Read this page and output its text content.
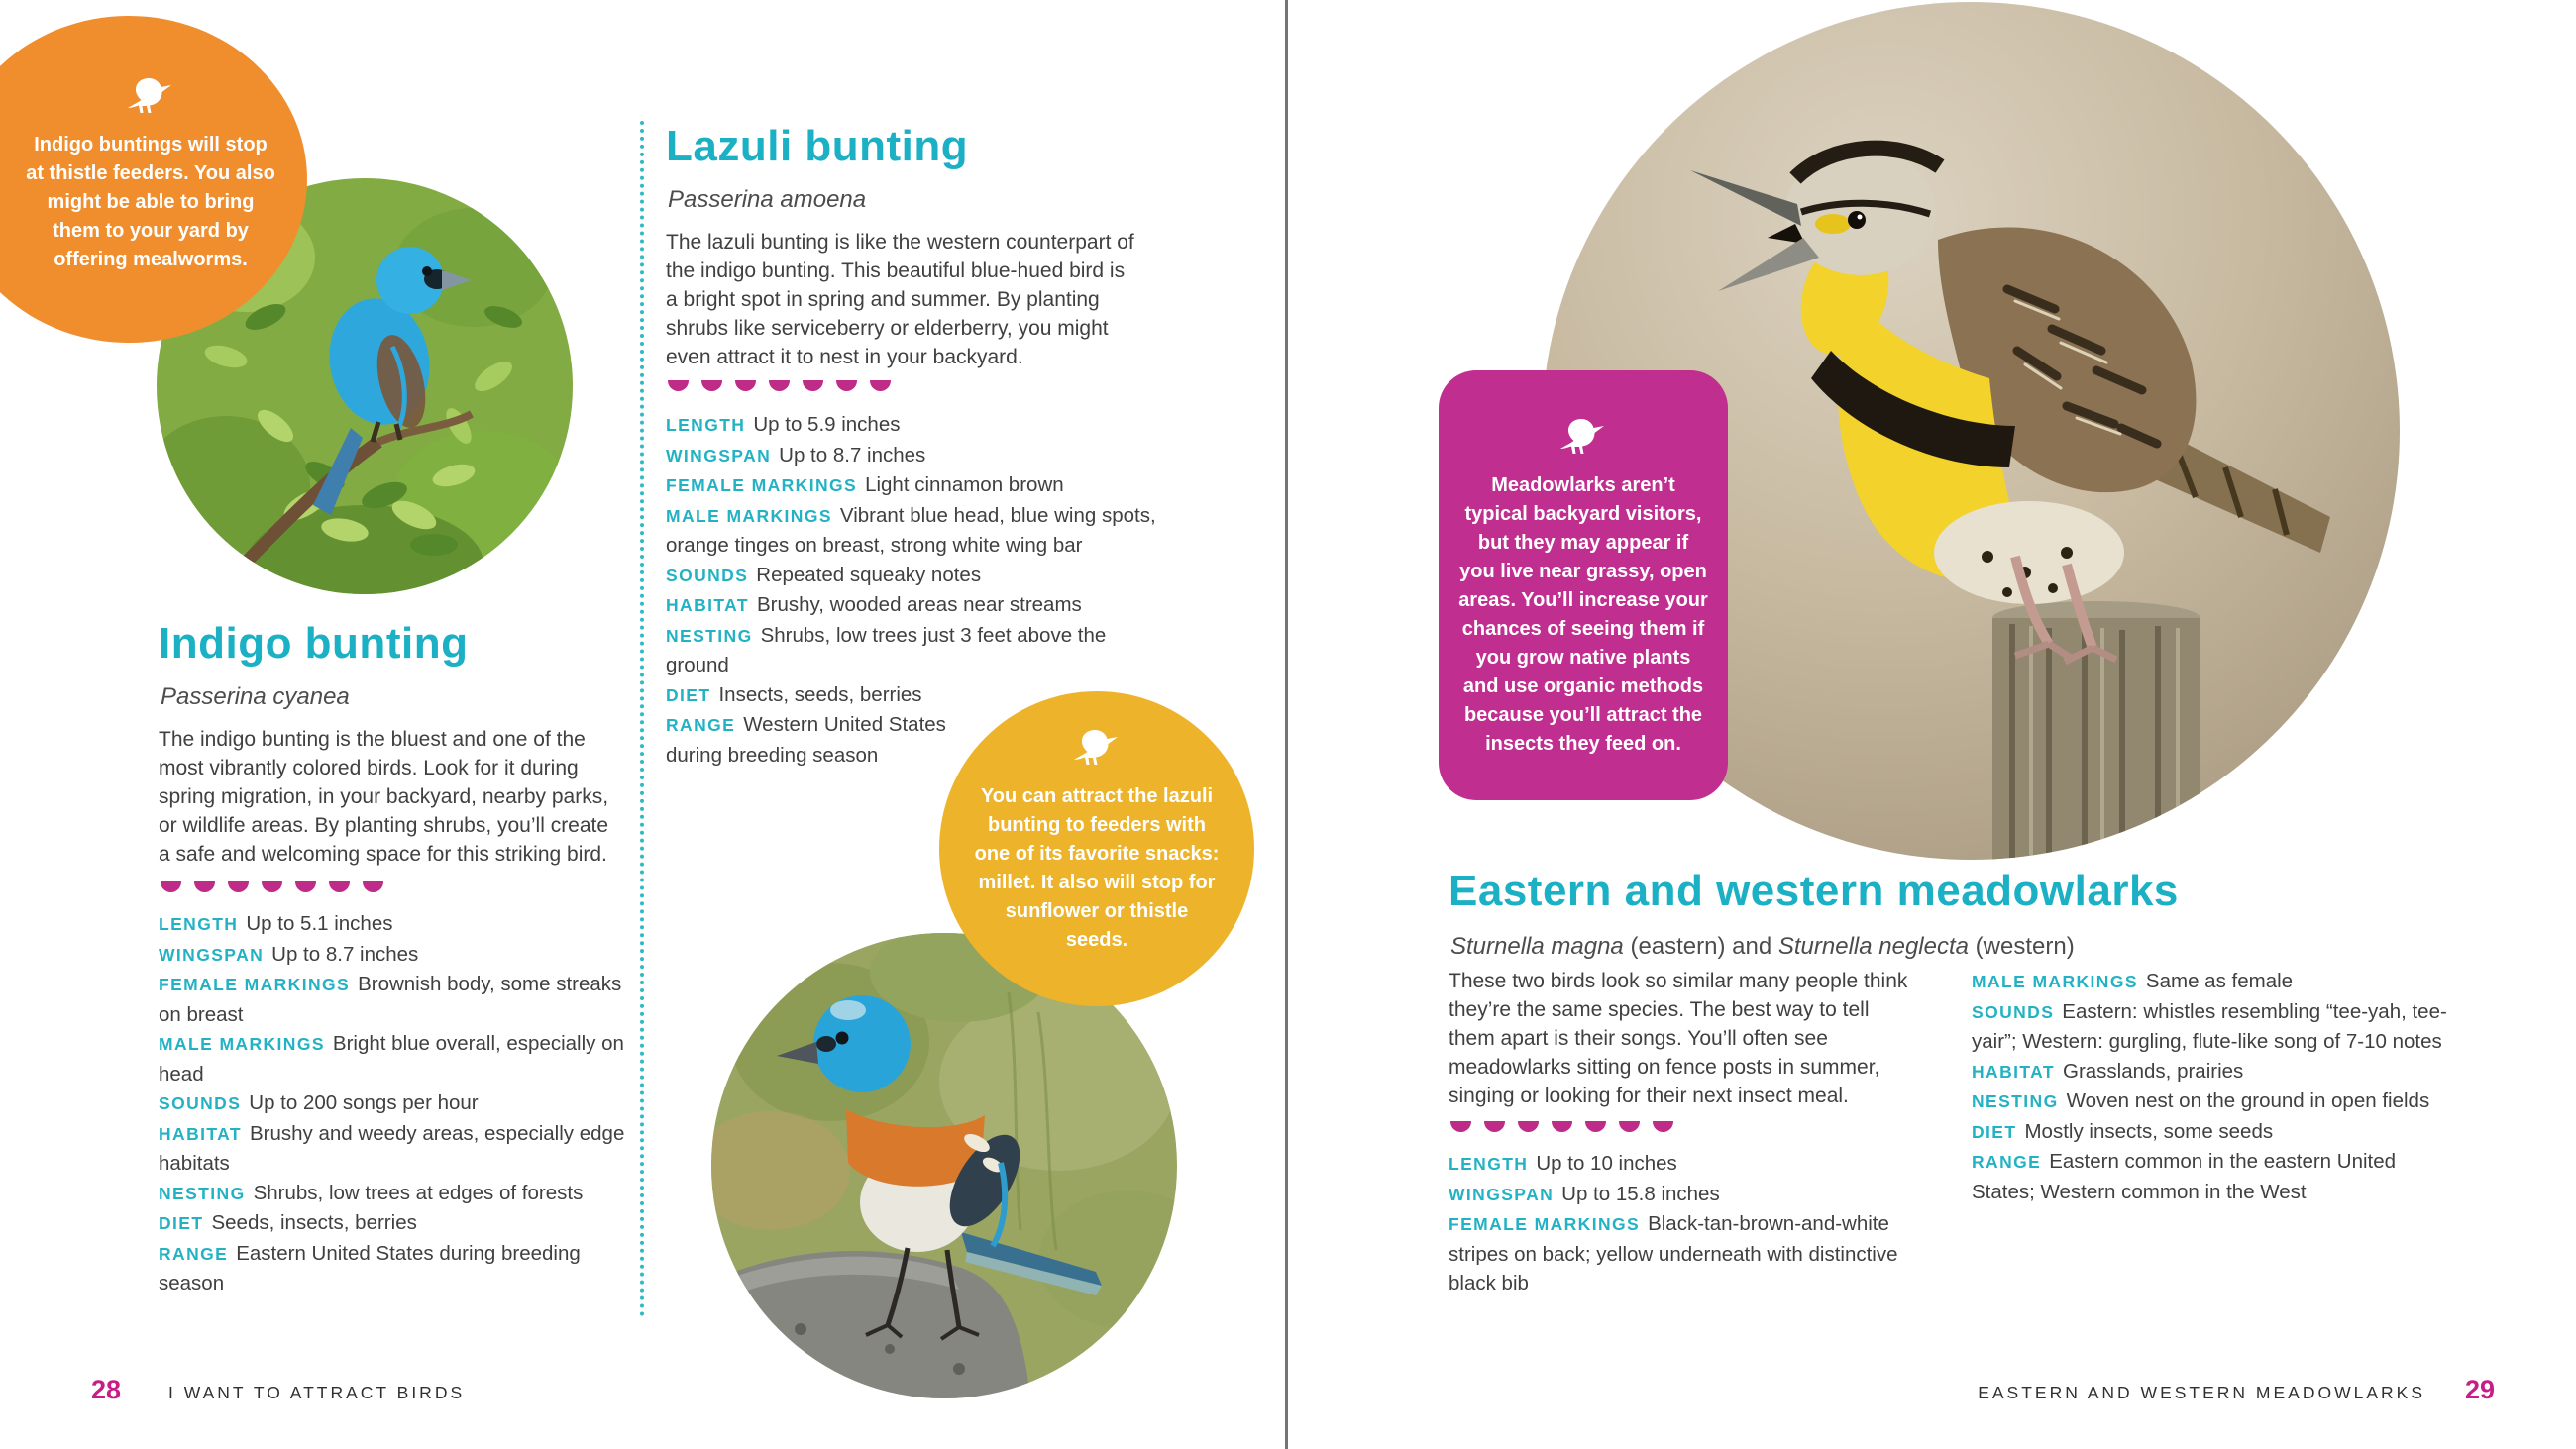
Indigo buntings will stop at thistle feeders. You also might be able to bring them to your yard by offering mealworms.
Indigo bunting

Passerina cyanea

The indigo bunting is the bluest and one of the most vibrantly colored birds. Look for it during spring migration, in your backyard, nearby parks, or wildlife areas. By planting shrubs, you’ll create a safe and welcoming space for this striking bird.

LENGTH Up to 5.1 inches

WINGSPAN Up to 8.7 inches

FEMALE MARKINGS Brownish body, some streaks on breast

MALE MARKINGS Bright blue overall, especially on head

SOUNDS Up to 200 songs per hour

HABITAT Brushy and weedy areas, especially edge habitats

NESTING Shrubs, low trees at edges of forests

DIET Seeds, insects, berries

RANGE Eastern United States during breeding season

Lazuli bunting

Passerina amoena

The lazuli bunting is like the western counterpart of the indigo bunting. This beautiful blue-hued bird is a bright spot in spring and summer. By planting shrubs like serviceberry or elderberry, you might even attract it to nest in your backyard.

LENGTH Up to 5.9 inches

WINGSPAN Up to 8.7 inches

FEMALE MARKINGS Light cinnamon brown

MALE MARKINGS Vibrant blue head, blue wing spots, orange tinges on breast, strong white wing bar

SOUNDS Repeated squeaky notes

HABITAT Brushy, wooded areas near streams

NESTING Shrubs, low trees just 3 feet above the ground

DIET Insects, seeds, berries

RANGE Western United States during breeding season

You can attract the lazuli bunting to feeders with one of its favorite snacks: millet. It also will stop for sunflower or thistle seeds.
28	I WANT TO ATTRACT BIRDS
Meadowlarks aren’t typical backyard visitors, but they may appear if you live near grassy, open areas. You’ll increase your chances of seeing them if you grow native plants and use organic methods because you’ll attract the insects they feed on.
Eastern and western meadowlarks

Sturnella magna (eastern) and Sturnella neglecta (western)

These two birds look so similar many people think they’re the same species. The best way to tell them apart is their songs. You’ll often see meadowlarks sitting on fence posts in summer, singing or looking for their next insect meal.

LENGTH Up to 10 inches

WINGSPAN Up to 15.8 inches

FEMALE MARKINGS Black-tan-brown-and-white stripes on back; yellow underneath with distinctive black bib

MALE MARKINGS Same as female

SOUNDS Eastern: whistles resembling “tee-yah, tee-yair”; Western: gurgling, flute-like song of 7-10 notes

HABITAT Grasslands, prairies

NESTING Woven nest on the ground in open fields

DIET Mostly insects, some seeds

RANGE Eastern common in the eastern United States; Western common in the West

EASTERN AND WESTERN MEADOWLARKS 29
